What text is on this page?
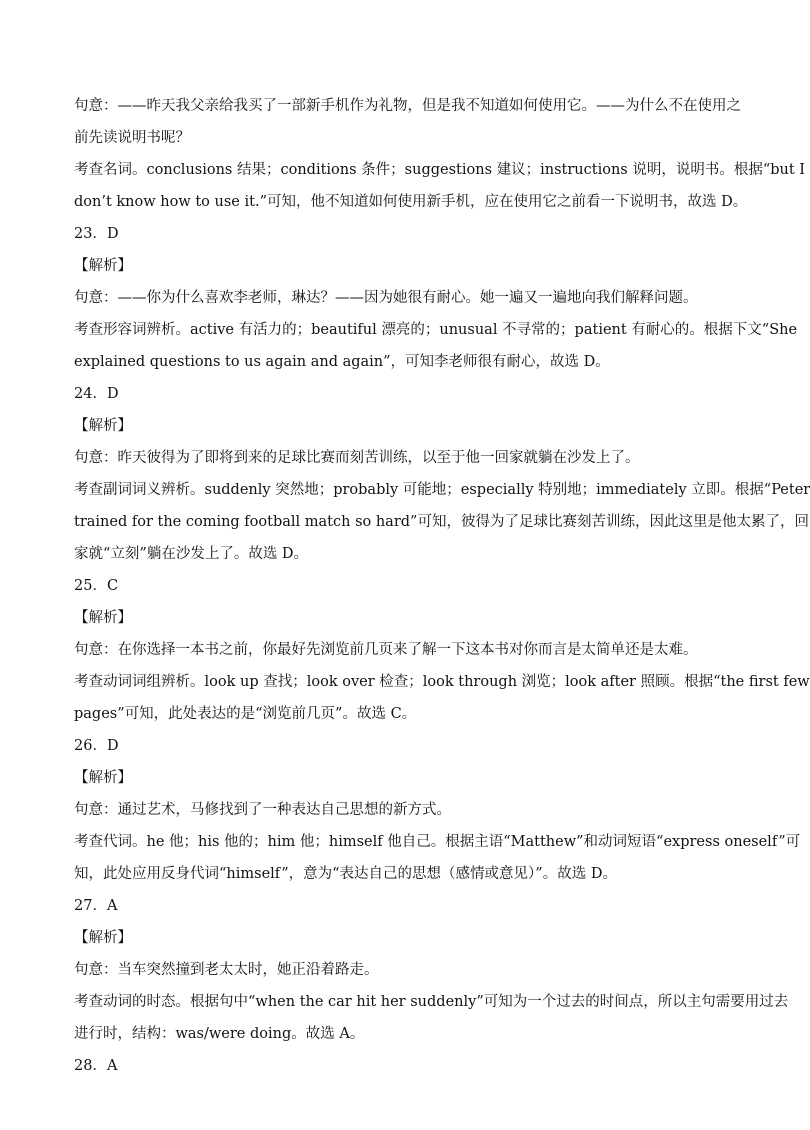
句意：——昨天我父亲给我买了一部新手机作为礼物，但是我不知道如何使用它。——为什么不在使用之
前先读说明书呢？
考查名词。conclusions 结果；conditions 条件；suggestions 建议；instructions 说明，说明书。根据“but I
don’t know how to use it.”可知，他不知道如何使用新手机，应在使用它之前看一下说明书，故选 D。
23．D
【解析】
句意：——你为什么喜欢李老师，琳达？——因为她很有耐心。她一遍又一遍地向我们解释问题。
考查形容词辨析。active 有活力的；beautiful 漂亮的；unusual 不寻常的；patient 有耐心的。根据下文“She
explained questions to us again and again”，可知李老师很有耐心，故选 D。
24．D
【解析】
句意：昨天彼得为了即将到来的足球比赛而刻苦训练，以至于他一回家就躺在沙发上了。
考查副词词义辨析。suddenly 突然地；probably 可能地；especially 特别地；immediately 立即。根据“Peter
trained for the coming football match so hard”可知，彼得为了足球比赛刻苦训练，因此这里是他太累了，回
家就“立刻”躺在沙发上了。故选 D。
25．C
【解析】
句意：在你选择一本书之前，你最好先浏览前几页来了解一下这本书对你而言是太简单还是太难。
考查动词词组辨析。look up 查找；look over 检查；look through 浏览；look after 照顾。根据“the first few
pages”可知，此处表达的是“浏览前几页”。故选 C。
26．D
【解析】
句意：通过艺术，马修找到了一种表达自己思想的新方式。
考查代词。he 他；his 他的；him 他；himself 他自己。根据主语“Matthew”和动词短语“express oneself”可
知，此处应用反身代词“himself”，意为“表达自己的思想（感情或意见）”。故选 D。
27．A
【解析】
句意：当车突然撞到老太太时，她正沿着路走。
考查动词的时态。根据句中“when the car hit her suddenly”可知为一个过去的时间点，所以主句需要用过去
进行时，结构：was/were doing。故选 A。
28．A
